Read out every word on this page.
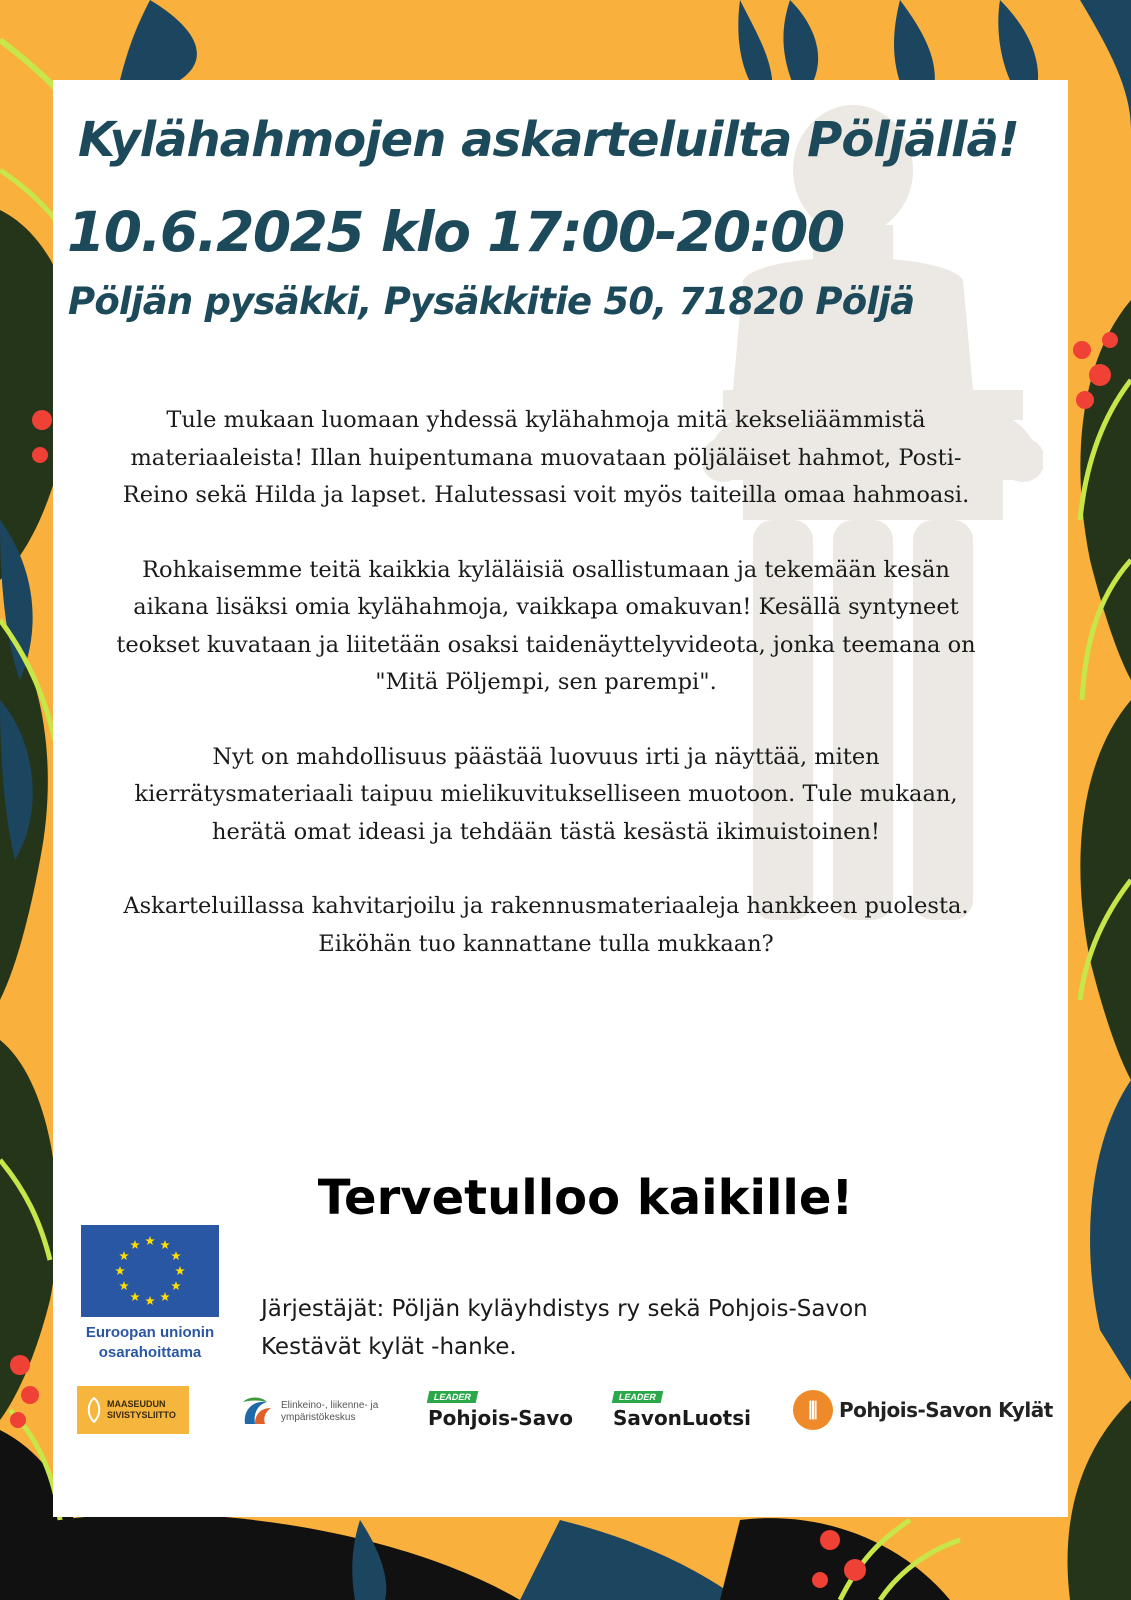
Kylähahmojen askarteluilta Pöljällä!
10.6.2025 klo 17:00-20:00
Pöljän pysäkki, Pysäkkitie 50, 71820 Pöljä

Tule mukaan luomaan yhdessä kylähahmoja mitä kekseliäämmistä materiaaleista! Illan huipentumana muovataan pöljäläiset hahmot, Posti-Reino sekä Hilda ja lapset. Halutessasi voit myös taiteilla omaa hahmoasi.

Rohkaisemme teitä kaikkia kyläläisiä osallistumaan ja tekemään kesän aikana lisäksi omia kylähahmoja, vaikkapa omakuvan! Kesällä syntyneet teokset kuvataan ja liitetään osaksi taidenäyttelyvideota, jonka teemana on "Mitä Pöljempi, sen parempi".

Nyt on mahdollisuus päästää luovuus irti ja näyttää, miten kierrätysmateriaali taipuu mielikuvitukselliseen muotoon. Tule mukaan, herätä omat ideasi ja tehdään tästä kesästä ikimuistoinen!

Askarteluillassa kahvitarjoilu ja rakennusmateriaaleja hankkeen puolesta.
Eiköhän tuo kannattane tulla mukkaan?
Tervetulloo kaikille!
Euroopan unionin
osarahoittama
Järjestäjät: Pöljän kyläyhdistys ry sekä Pohjois-Savon
Kestävät kylät -hanke.
MAASEUDUN
SIVISTYSLIITTO
Elinkeino-, liikenne- ja
ympäristökeskus
LEADER
Pohjois-Savo
LEADER
SavonLuotsi	⫼	Pohjois-Savon Kylät
